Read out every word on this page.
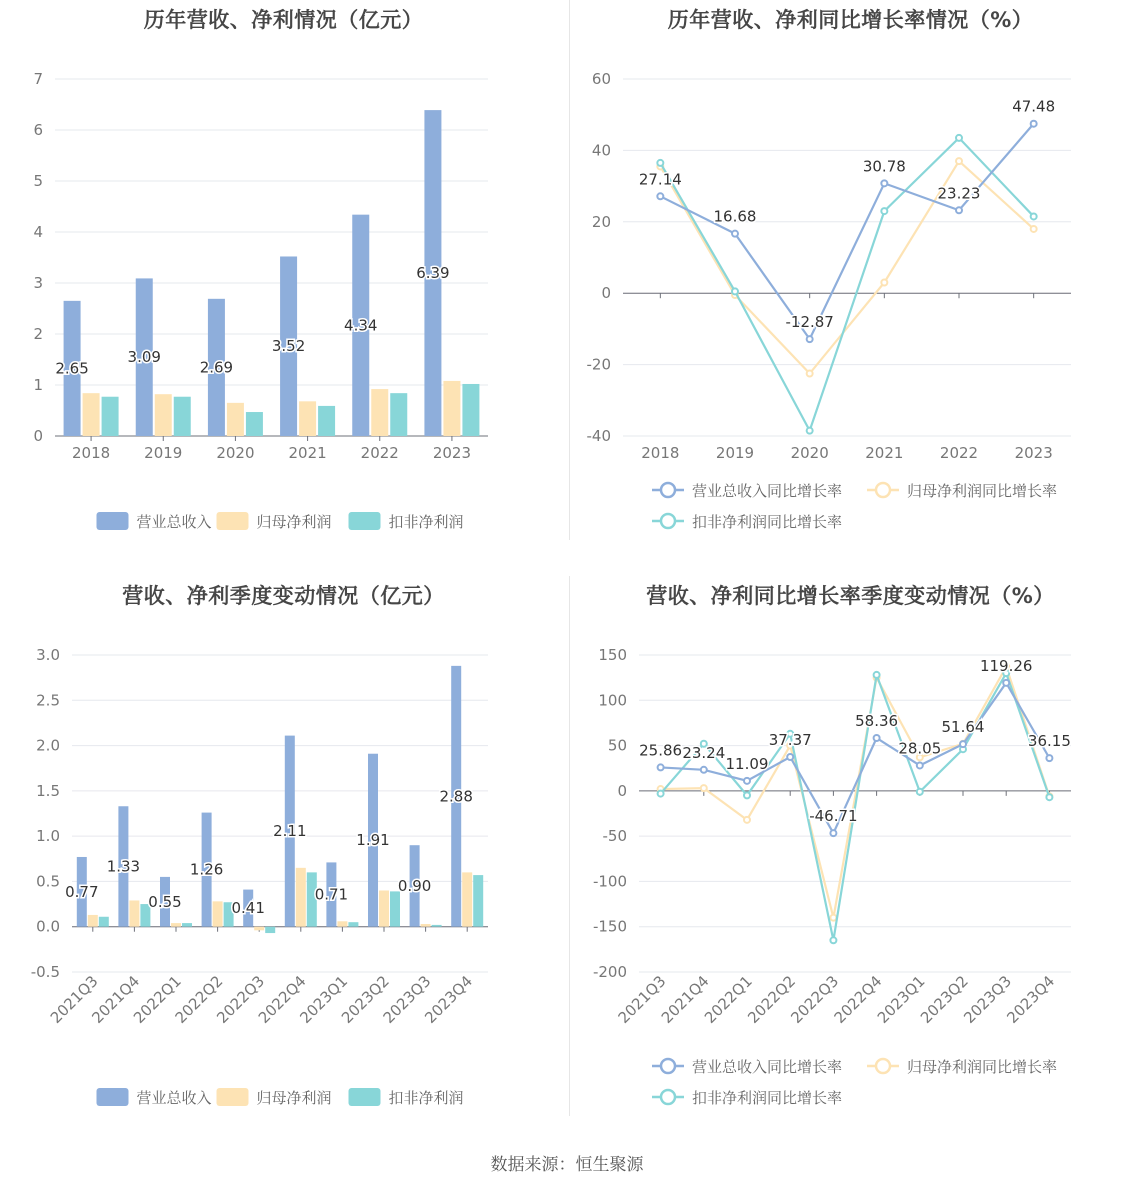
历年营收、净利情况（亿元）
0
1
2
3
4
5
6
7
2018 2019 2020 2021 2022 2023
2.65
3.09
2.69
3.52
4.34
6.39
营业总收入	归母净利润	扣非净利润
历年营收、净利同比增长率情况（%）
-40
-20
0
20
40
60
2018 2019 2020 2021 2022 2023
27.14
16.68
-12.87
30.78
23.23
47.48
营业总收入同比增长率	归母净利润同比增长率
扣非净利润同比增长率
营收、净利季度变动情况（亿元）
-0.5
0.0
0.5
1.0
1.5
2.0
2.5
3.0
2021Q3
2021Q4
2022Q1
2022Q2
2022Q3
2022Q4
2023Q1
2023Q2
2023Q3
2023Q4
0.77
1.33
0.55
1.26
0.41
2.11
0.71
1.91
0.90
2.88
营业总收入	归母净利润	扣非净利润
营收、净利同比增长率季度变动情况（%）
-200
-150
-100
-50
0
50
100
150
2021Q3
2021Q4
2022Q1
2022Q2
2022Q3
2022Q4
2023Q1
2023Q2
2023Q3
2023Q4
25.86 23.24
11.09
37.37
-46.71
58.36
28.05
51.64
119.26
36.15
营业总收入同比增长率	归母净利润同比增长率
扣非净利润同比增长率
数据来源：恒生聚源
